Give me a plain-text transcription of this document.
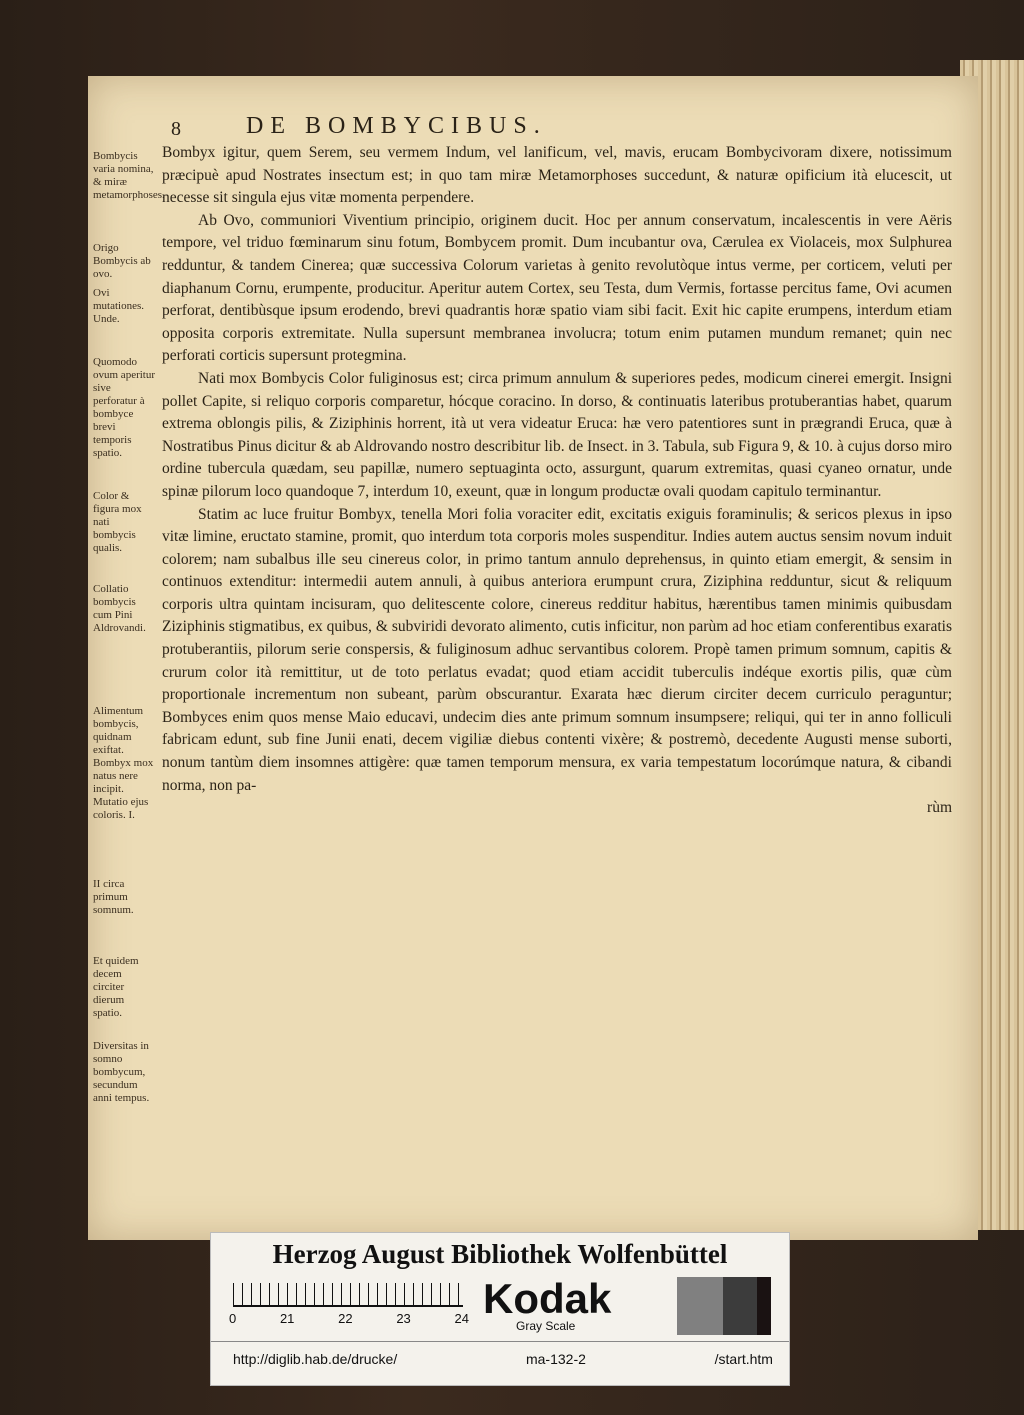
8	DE BOMBYCIBUS.
Bombycis varia nomina, & miræ metamorphoses.
Origo Bombycis ab ovo.
Ovi mutationes. Unde.
Quomodo ovum aperitur sive perforatur à bombyce brevi temporis spatio.
Color & figura mox nati bombycis qualis.
Collatio bombycis cum Pini Aldrovandi.
Alimentum bombycis, quidnam exiftat. Bombyx mox natus nere incipit. Mutatio ejus coloris. I.
II circa primum somnum.
Et quidem decem circiter dierum spatio.
Diversitas in somno bombycum, secundum anni tempus.

Bombyx igitur, quem Serem, seu vermem Indum, vel lanificum, vel, mavis, erucam Bombycivoram dixere, notissimum præcipuè apud Nostrates insectum est; in quo tam miræ Metamorphoses succedunt, & naturæ opificium ità elucescit, ut necesse sit singula ejus vitæ momenta perpendere.

Ab Ovo, communiori Viventium principio, originem ducit. Hoc per annum conservatum, incalescentis in vere Aëris tempore, vel triduo fœminarum sinu fotum, Bombycem promit. Dum incubantur ova, Cærulea ex Violaceis, mox Sulphurea redduntur, & tandem Cinerea; quæ successiva Colorum varietas à genito revolutòque intus verme, per corticem, veluti per diaphanum Cornu, erumpente, producitur. Aperitur autem Cortex, seu Testa, dum Vermis, fortasse percitus fame, Ovi acumen perforat, dentibùsque ipsum erodendo, brevi quadrantis horæ spatio viam sibi facit. Exit hic capite erumpens, interdum etiam opposita corporis extremitate. Nulla supersunt membranea involucra; totum enim putamen mundum remanet; quin nec perforati corticis supersunt protegmina.

Nati mox Bombycis Color fuliginosus est; circa primum annulum & superiores pedes, modicum cinerei emergit. Insigni pollet Capite, si reliquo corporis comparetur, hócque coracino. In dorso, & continuatis lateribus protuberantias habet, quarum extrema oblongis pilis, & Ziziphinis horrent, ità ut vera videatur Eruca: hæ vero patentiores sunt in prægrandi Eruca, quæ à Nostratibus Pinus dicitur & ab Aldrovando nostro describitur lib. de Insect. in 3. Tabula, sub Figura 9, & 10. à cujus dorso miro ordine tubercula quædam, seu papillæ, numero septuaginta octo, assurgunt, quarum extremitas, quasi cyaneo ornatur, unde spinæ pilorum loco quandoque 7, interdum 10, exeunt, quæ in longum productæ ovali quodam capitulo terminantur.

Statim ac luce fruitur Bombyx, tenella Mori folia voraciter edit, excitatis exiguis foraminulis; & sericos plexus in ipso vitæ limine, eructato stamine, promit, quo interdum tota corporis moles suspenditur. Indies autem auctus sensim novum induit colorem; nam subalbus ille seu cinereus color, in primo tantum annulo deprehensus, in quinto etiam emergit, & sensim in continuos extenditur: intermedii autem annuli, à quibus anteriora erumpunt crura, Ziziphina redduntur, sicut & reliquum corporis ultra quintam incisuram, quo delitescente colore, cinereus redditur habitus, hærentibus tamen minimis quibusdam Ziziphinis stigmatibus, ex quibus, & subviridi devorato alimento, cutis inficitur, non parùm ad hoc etiam conferentibus exaratis protuberantiis, pilorum serie conspersis, & fuliginosum adhuc servantibus colorem. Propè tamen primum somnum, capitis & crurum color ità remittitur, ut de toto perlatus evadat; quod etiam accidit tuberculis indéque exortis pilis, quæ cùm proportionale incrementum non subeant, parùm obscurantur. Exarata hæc dierum circiter decem curriculo peraguntur; Bombyces enim quos mense Maio educavi, undecim dies ante primum somnum insumpsere; reliqui, qui ter in anno folliculi fabricam edunt, sub fine Junii enati, decem vigiliæ diebus contenti vixère; & postremò, decedente Augusti mense suborti, nonum tantùm diem insomnes attigère: quæ tamen temporum mensura, ex varia tempestatum locorúmque natura, & cibandi norma, non pa-

rùm
Herzog August Bibliothek Wolfenbüttel
0	21	22	23	24 Kodak
Gray Scale
http://diglib.hab.de/drucke/	ma-132-2	/start.htm
